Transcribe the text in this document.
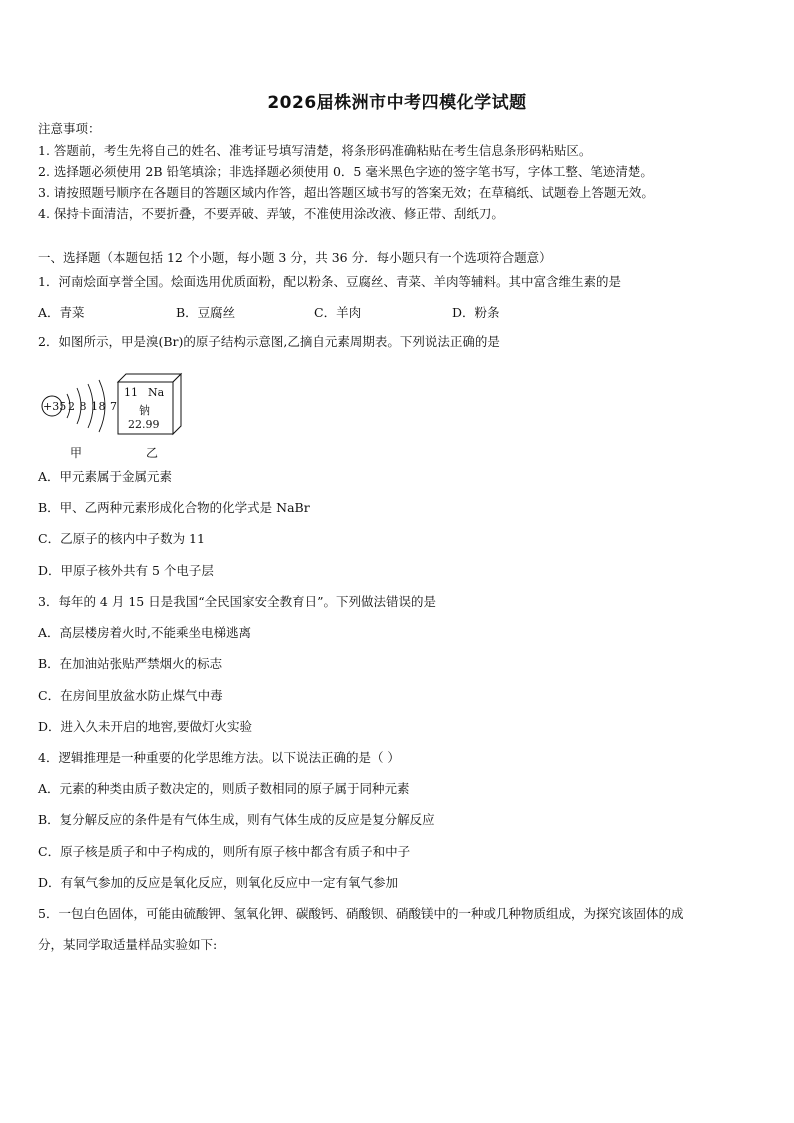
2026届株洲市中考四模化学试题
注意事项：
1. 答题前，考生先将自己的姓名、准考证号填写清楚，将条形码准确粘贴在考生信息条形码粘贴区。
2. 选择题必须使用 2B 铅笔填涂；非选择题必须使用 0．5 毫米黑色字迹的签字笔书写，字体工整、笔迹清楚。
3. 请按照题号顺序在各题目的答题区域内作答，超出答题区域书写的答案无效；在草稿纸、试题卷上答题无效。
4. 保持卡面清洁，不要折叠，不要弄破、弄皱，不准使用涂改液、修正带、刮纸刀。
一、选择题（本题包括 12 个小题，每小题 3 分，共 36 分．每小题只有一个选项符合题意）
1．河南烩面享誉全国。烩面选用优质面粉，配以粉条、豆腐丝、青菜、羊肉等辅料。其中富含维生素的是
A．青菜	B．豆腐丝	C．羊肉	D．粉条
2．如图所示，甲是溴(Br)的原子结构示意图,乙摘自元素周期表。下列说法正确的是
+35 2 8 18 7
11 Na
钠
22.99
甲	乙
A．甲元素属于金属元素
B．甲、乙两种元素形成化合物的化学式是 NaBr
C．乙原子的核内中子数为 11
D．甲原子核外共有 5 个电子层
3．每年的 4 月 15 日是我国“全民国家安全教育日”。下列做法错误的是
A．高层楼房着火时,不能乘坐电梯逃离
B．在加油站张贴严禁烟火的标志
C．在房间里放盆水防止煤气中毒
D．进入久未开启的地窖,要做灯火实验
4．逻辑推理是一种重要的化学思维方法。以下说法正确的是（ ）
A．元素的种类由质子数决定的，则质子数相同的原子属于同种元素
B．复分解反应的条件是有气体生成，则有气体生成的反应是复分解反应
C．原子核是质子和中子构成的，则所有原子核中都含有质子和中子
D．有氧气参加的反应是氧化反应，则氧化反应中一定有氧气参加
5．一包白色固体，可能由硫酸钾、氢氧化钾、碳酸钙、硝酸钡、硝酸镁中的一种或几种物质组成，为探究该固体的成
分，某同学取适量样品实验如下:
